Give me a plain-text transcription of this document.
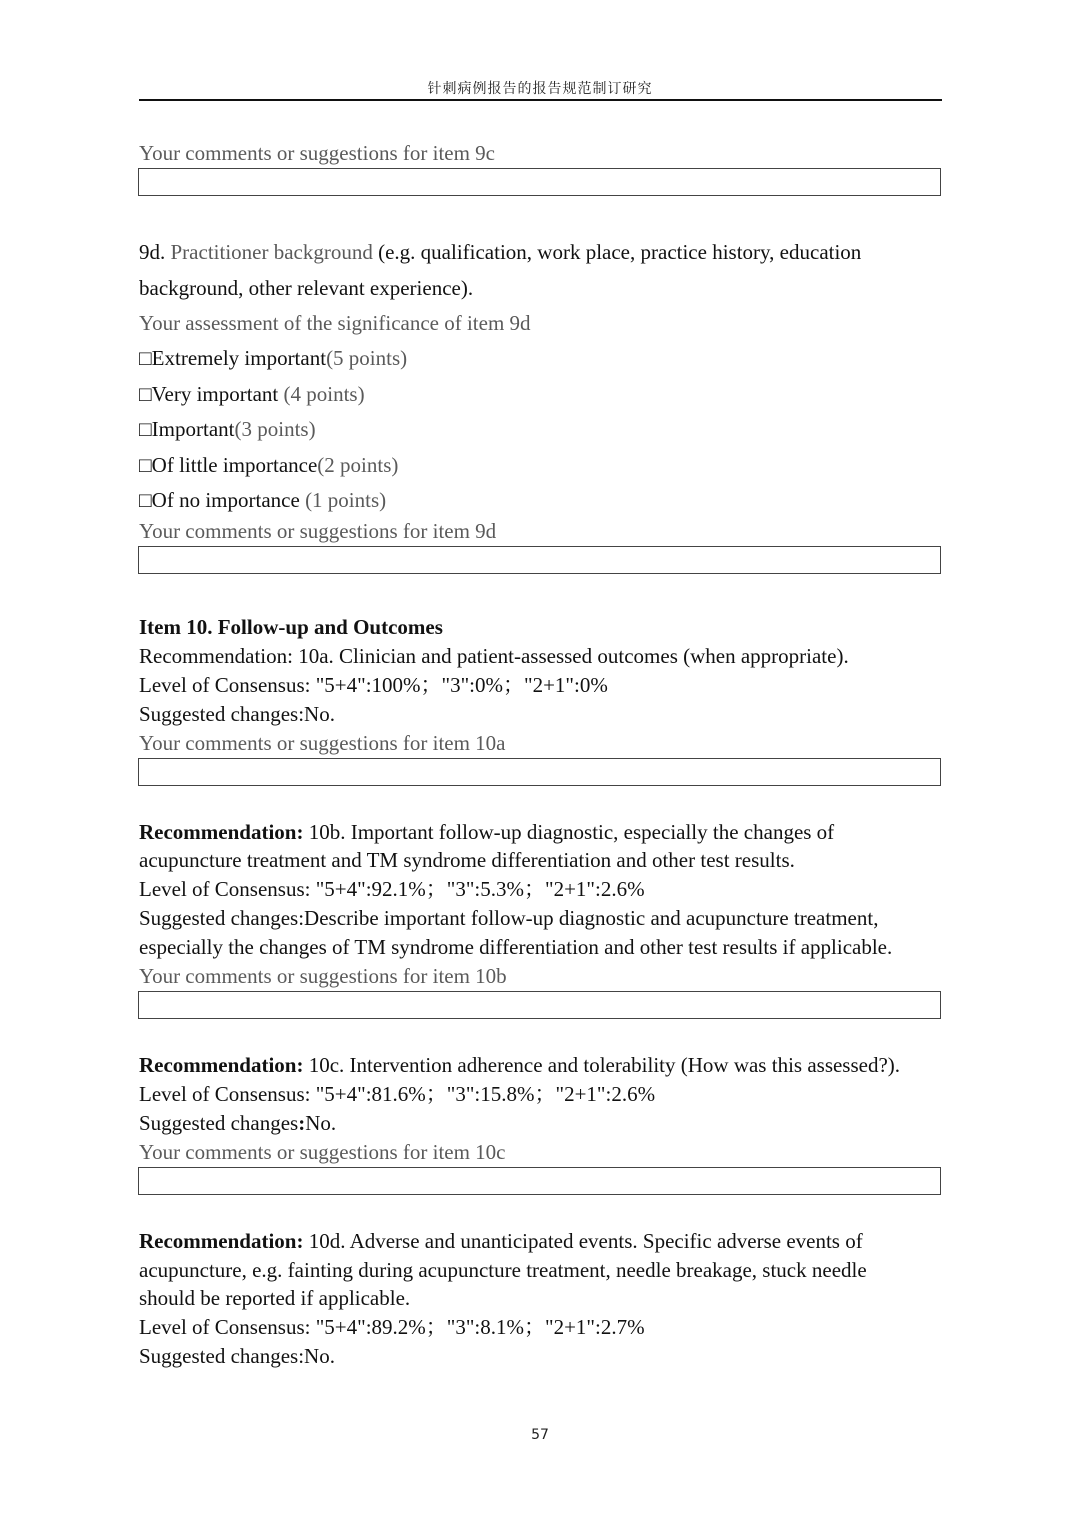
针刺病例报告的报告规范制订研究
Your comments or suggestions for item 9c
9d. Practitioner background (e.g. qualification, work place, practice history, education
background, other relevant experience).
Your assessment of the significance of item 9d
□Extremely important(5 points)
□Very important (4 points)
□Important(3 points)
□Of little importance(2 points)
□Of no importance (1 points)
Your comments or suggestions for item 9d
Item 10. Follow-up and Outcomes
Recommendation: 10a. Clinician and patient-assessed outcomes (when appropriate).
Level of Consensus: "5+4":100%；"3":0%；"2+1":0%
Suggested changes:No.
Your comments or suggestions for item 10a
Recommendation: 10b. Important follow-up diagnostic, especially the changes of
acupuncture treatment and TM syndrome differentiation and other test results.
Level of Consensus: "5+4":92.1%；"3":5.3%；"2+1":2.6%
Suggested changes:Describe important follow-up diagnostic and acupuncture treatment,
especially the changes of TM syndrome differentiation and other test results if applicable.
Your comments or suggestions for item 10b
Recommendation: 10c. Intervention adherence and tolerability (How was this assessed?).
Level of Consensus: "5+4":81.6%；"3":15.8%；"2+1":2.6%
Suggested changes:No.
Your comments or suggestions for item 10c
Recommendation: 10d. Adverse and unanticipated events. Specific adverse events of
acupuncture, e.g. fainting during acupuncture treatment, needle breakage, stuck needle
should be reported if applicable.
Level of Consensus: "5+4":89.2%；"3":8.1%；"2+1":2.7%
Suggested changes:No.
57
